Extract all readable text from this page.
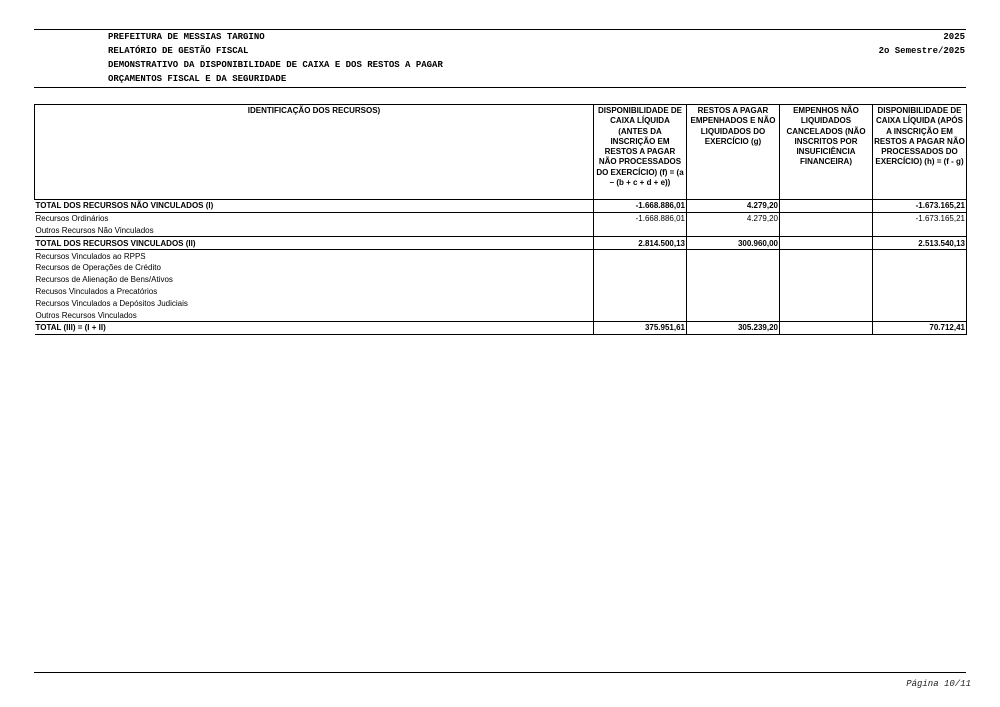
PREFEITURA DE MESSIAS TARGINO	2025
RELATÓRIO DE GESTÃO FISCAL	2o Semestre/2025
DEMONSTRATIVO DA DISPONIBILIDADE DE CAIXA E DOS RESTOS A PAGAR
ORÇAMENTOS FISCAL E DA SEGURIDADE
IDENTIFICAÇÃO DOS RECURSOS)	DISPONIBILIDADE DE CAIXA LÍQUIDA (ANTES DA INSCRIÇÃO EM RESTOS A PAGAR NÃO PROCESSADOS DO EXERCÍCIO) (f) = (a – (b + c + d + e))	RESTOS A PAGAR EMPENHADOS E NÃO LIQUIDADOS DO EXERCÍCIO (g)	EMPENHOS NÃO LIQUIDADOS CANCELADOS (NÃO INSCRITOS POR INSUFICIÊNCIA FINANCEIRA)	DISPONIBILIDADE DE CAIXA LÍQUIDA (APÓS A INSCRIÇÃO EM RESTOS A PAGAR NÃO PROCESSADOS DO EXERCÍCIO) (h) = (f - g)
TOTAL DOS RECURSOS NÃO VINCULADOS (I)	-1.668.886,01	4.279,20		-1.673.165,21
Recursos Ordinários	-1.668.886,01	4.279,20		-1.673.165,21
Outros Recursos Não Vinculados				
TOTAL DOS RECURSOS VINCULADOS (II)	2.814.500,13	300.960,00		2.513.540,13
Recursos Vinculados ao RPPS				
Recursos de Operações de Crédito				
Recursos de Alienação de Bens/Ativos				
Recusos Vinculados a Precatórios				
Recursos Vinculados a Depósitos Judiciais				
Outros Recursos Vinculados				
TOTAL (III) = (I + II)	375.951,61	305.239,20		70.712,41
Página 10/11
